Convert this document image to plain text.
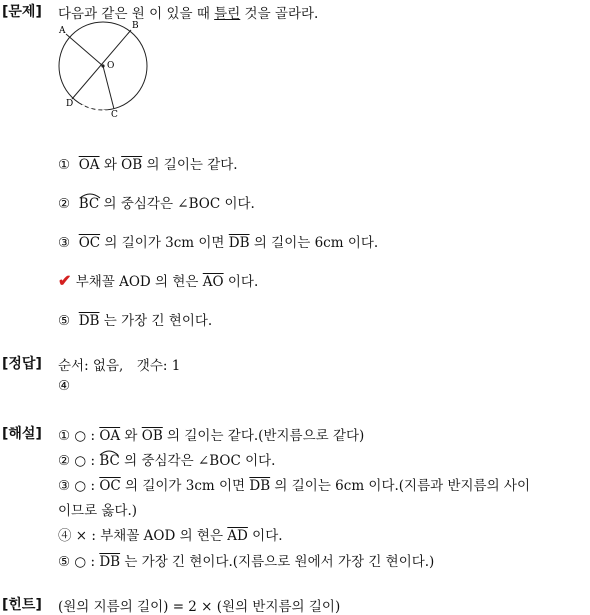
[문제] 다음과 같은 원 이 있을 때 틀린 것을 골라라.
A	B
O
D
C
① $\overline{OA}$ 와 $\overline{OB}$ 의 길이는 같다.
② BC 의 중심각은 ∠BOC 이다.
③ $\overline{OC}$ 의 길이가 3cm 이면 $\overline{DB}$ 의 길이는 6cm 이다.
✔ 부채꼴 AOD 의 현은 $\overline{AO}$ 이다.
⑤ $\overline{DB}$ 는 가장 긴 현이다.
[정답] 순서: 없음,　갯수: 1
④
[해설] ① ○ : $\overline{OA}$ 와 $\overline{OB}$ 의 길이는 같다.(반지름으로 같다)
② ○ :
BC 의 중심각은 ∠BOC 이다.
③ ○ : $\overline{OC}$ 의 길이가 3cm 이면 $\overline{DB}$ 의 길이는 6cm 이다.(지름과 반지름의 사이
이므로 옳다.)
④ × : 부채꼴 AOD 의 현은 $\overline{AD}$ 이다.
⑤ ○ : $\overline{DB}$ 는 가장 긴 현이다.(지름으로 원에서 가장 긴 현이다.)
[힌트] (원의 지름의 길이) = 2 × (원의 반지름의 길이)
